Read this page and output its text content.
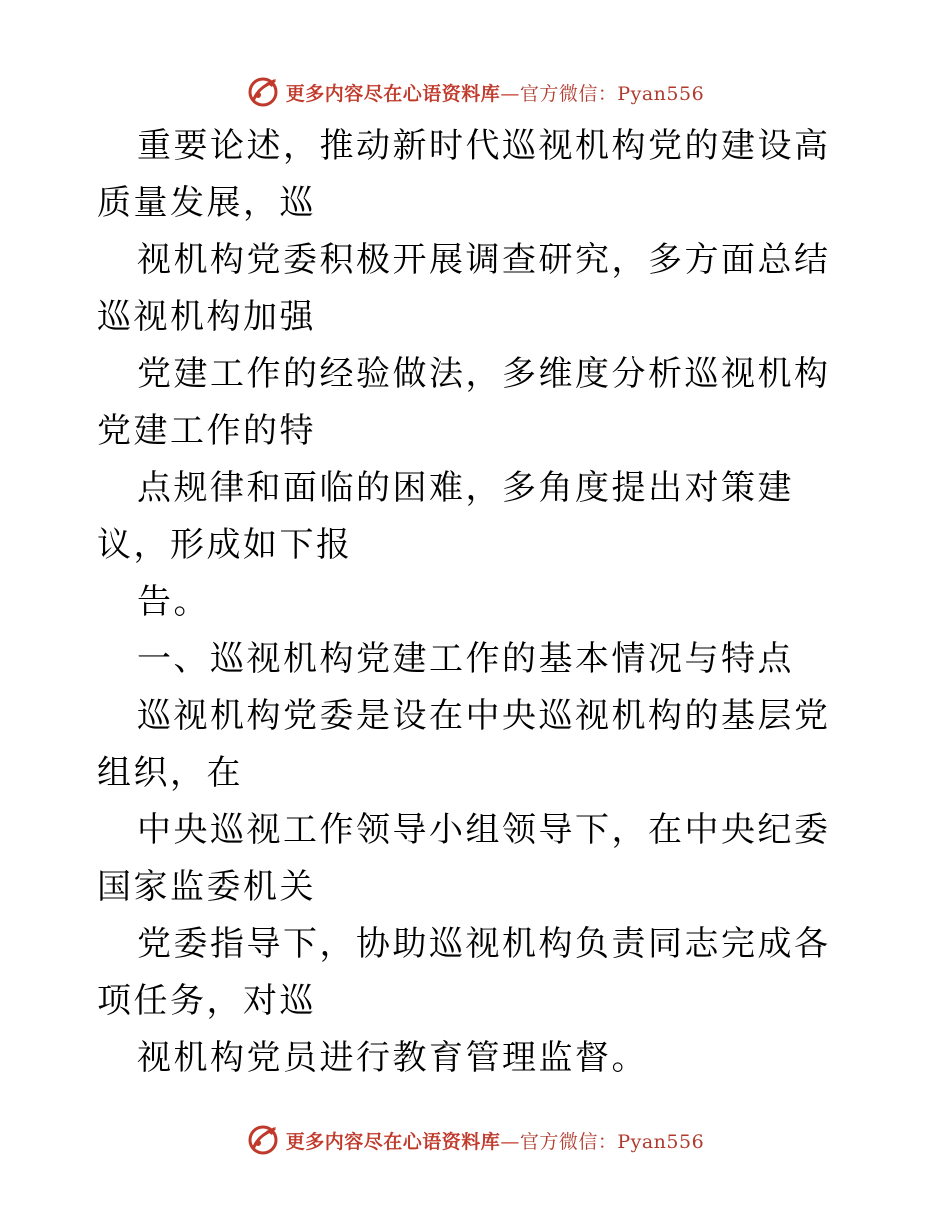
更多内容尽在心语资料库—官方微信：Pyan556

重要论述，推动新时代巡视机构党的建设高质量发展，巡

视机构党委积极开展调查研究，多方面总结巡视机构加强

党建工作的经验做法，多维度分析巡视机构党建工作的特

点规律和面临的困难，多角度提出对策建议，形成如下报

告。

一、巡视机构党建工作的基本情况与特点

巡视机构党委是设在中央巡视机构的基层党组织，在

中央巡视工作领导小组领导下，在中央纪委国家监委机关

党委指导下，协助巡视机构负责同志完成各项任务，对巡

视机构党员进行教育管理监督。

更多内容尽在心语资料库—官方微信：Pyan556
